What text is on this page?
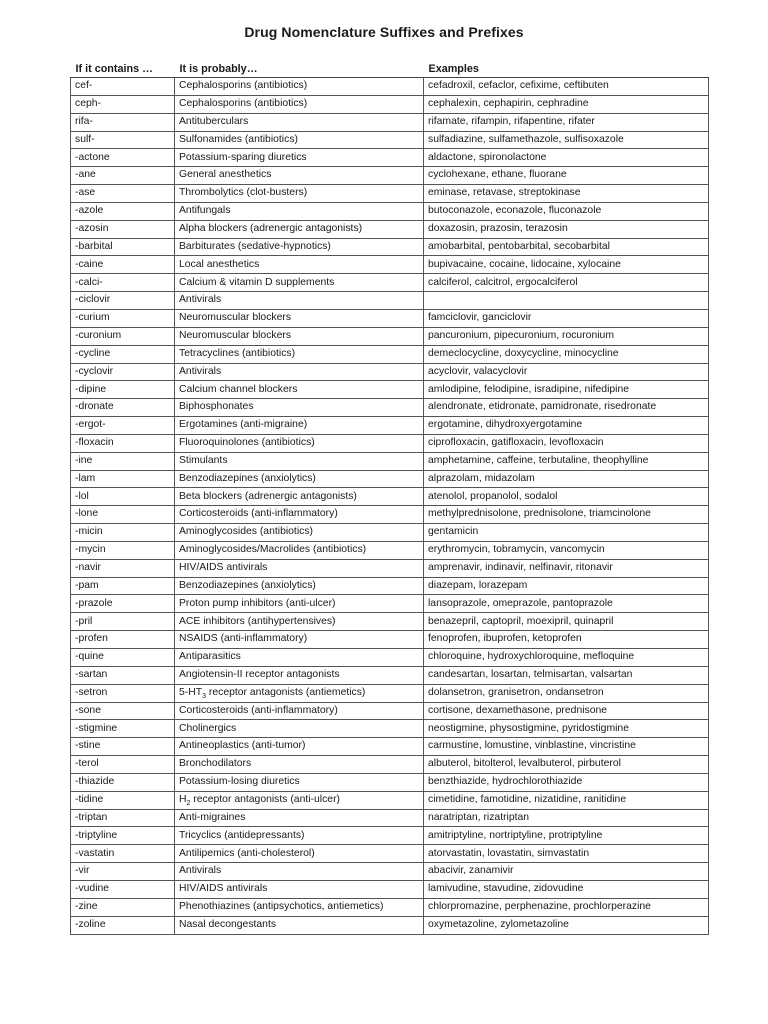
Drug Nomenclature Suffixes and Prefixes
If it contains …	It is probably…	Examples
cef-	Cephalosporins (antibiotics)	cefadroxil, cefaclor, cefixime, ceftibuten
ceph-	Cephalosporins (antibiotics)	cephalexin, cephapirin, cephradine
rifa-	Antituberculars	rifamate, rifampin, rifapentine, rifater
sulf-	Sulfonamides (antibiotics)	sulfadiazine, sulfamethazole, sulfisoxazole
-actone	Potassium-sparing diuretics	aldactone, spironolactone
-ane	General anesthetics	cyclohexane, ethane, fluorane
-ase	Thrombolytics (clot-busters)	eminase, retavase, streptokinase
-azole	Antifungals	butoconazole, econazole, fluconazole
-azosin	Alpha blockers (adrenergic antagonists)	doxazosin, prazosin, terazosin
-barbital	Barbiturates (sedative-hypnotics)	amobarbital, pentobarbital, secobarbital
-caine	Local anesthetics	bupivacaine, cocaine, lidocaine, xylocaine
-calci-	Calcium & vitamin D supplements	calciferol, calcitrol, ergocalciferol
-ciclovir	Antivirals	
-curium	Neuromuscular blockers	famciclovir, ganciclovir
-curonium	Neuromuscular blockers	pancuronium, pipecuronium, rocuronium
-cycline	Tetracyclines (antibiotics)	demeclocycline, doxycycline, minocycline
-cyclovir	Antivirals	acyclovir, valacyclovir
-dipine	Calcium channel blockers	amlodipine, felodipine, isradipine, nifedipine
-dronate	Biphosphonates	alendronate, etidronate, pamidronate, risedronate
-ergot-	Ergotamines (anti-migraine)	ergotamine, dihydroxyergotamine
-floxacin	Fluoroquinolones (antibiotics)	ciprofloxacin, gatifloxacin, levofloxacin
-ine	Stimulants	amphetamine, caffeine, terbutaline, theophylline
-lam	Benzodiazepines (anxiolytics)	alprazolam, midazolam
-lol	Beta blockers (adrenergic antagonists)	atenolol, propanolol, sodalol
-lone	Corticosteroids (anti-inflammatory)	methylprednisolone, prednisolone, triamcinolone
-micin	Aminoglycosides (antibiotics)	gentamicin
-mycin	Aminoglycosides/Macrolides (antibiotics)	erythromycin, tobramycin, vancomycin
-navir	HIV/AIDS antivirals	amprenavir, indinavir, nelfinavir, ritonavir
-pam	Benzodiazepines (anxiolytics)	diazepam, lorazepam
-prazole	Proton pump inhibitors (anti-ulcer)	lansoprazole, omeprazole, pantoprazole
-pril	ACE inhibitors (antihypertensives)	benazepril, captopril, moexipril, quinapril
-profen	NSAIDS (anti-inflammatory)	fenoprofen, ibuprofen, ketoprofen
-quine	Antiparasitics	chloroquine, hydroxychloroquine, mefloquine
-sartan	Angiotensin-II receptor antagonists	candesartan, losartan, telmisartan, valsartan
-setron	$5-HT_3$ receptor antagonists (antiemetics)	dolansetron, granisetron, ondansetron
-sone	Corticosteroids (anti-inflammatory)	cortisone, dexamethasone, prednisone
-stigmine	Cholinergics	neostigmine, physostigmine, pyridostigmine
-stine	Antineoplastics (anti-tumor)	carmustine, lomustine, vinblastine, vincristine
-terol	Bronchodilators	albuterol, bitolterol, levalbuterol, pirbuterol
-thiazide	Potassium-losing diuretics	benzthiazide, hydrochlorothiazide
-tidine	$H_2$ receptor antagonists (anti-ulcer)	cimetidine, famotidine, nizatidine, ranitidine
-triptan	Anti-migraines	naratriptan, rizatriptan
-triptyline	Tricyclics (antidepressants)	amitriptyline, nortriptyline, protriptyline
-vastatin	Antilipemics (anti-cholesterol)	atorvastatin, lovastatin, simvastatin
-vir	Antivirals	abacivir, zanamivir
-vudine	HIV/AIDS antivirals	lamivudine, stavudine, zidovudine
-zine	Phenothiazines (antipsychotics, antiemetics)	chlorpromazine, perphenazine, prochlorperazine
-zoline	Nasal decongestants	oxymetazoline, zylometazoline
